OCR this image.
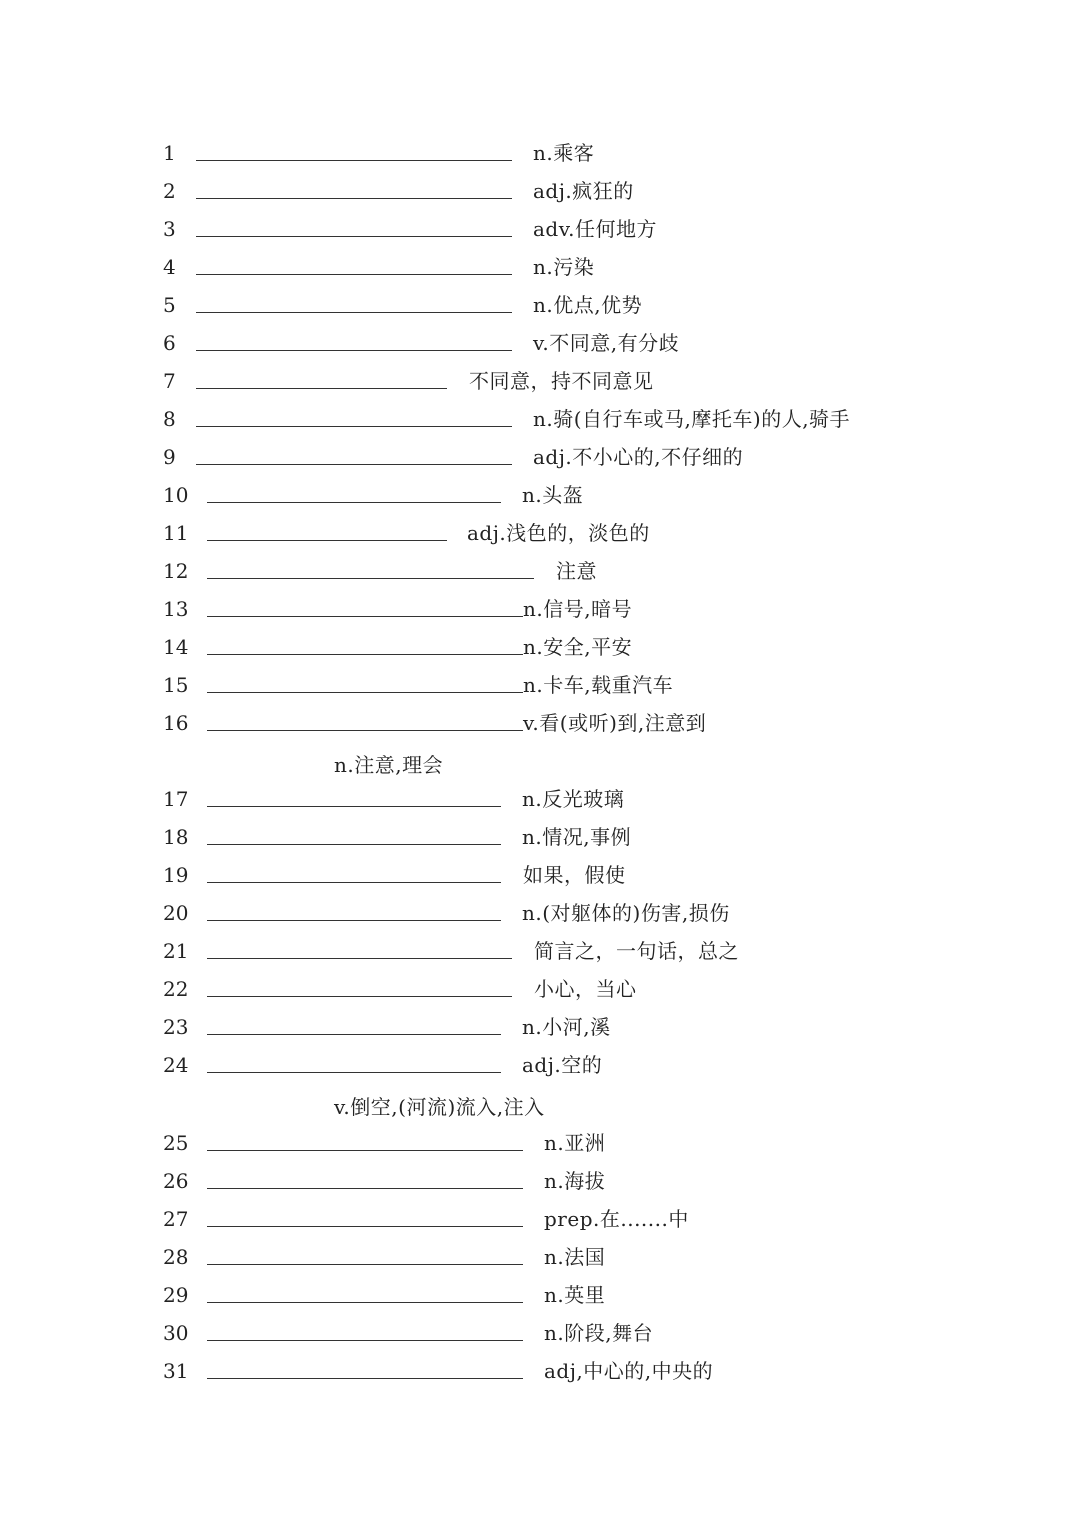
1	n.乘客
2	adj.疯狂的
3	adv.任何地方
4	n.污染
5	n.优点,优势
6	v.不同意,有分歧
7	不同意，持不同意见
8	n.骑(自行车或马,摩托车)的人,骑手
9	adj.不小心的,不仔细的
10	n.头盔
11	adj.浅色的，淡色的
12	注意
13	n.信号,暗号
14	n.安全,平安
15	n.卡车,载重汽车
16	v.看(或听)到,注意到
n.注意,理会
17	n.反光玻璃
18	n.情况,事例
19	如果，假使
20	n.(对躯体的)伤害,损伤
21	简言之，一句话，总之
22	小心，当心
23	n.小河,溪
24	adj.空的
v.倒空,(河流)流入,注入
25	n.亚洲
26	n.海拔
27	prep.在.......中
28	n.法国
29	n.英里
30	n.阶段,舞台
31	adj,中心的,中央的
